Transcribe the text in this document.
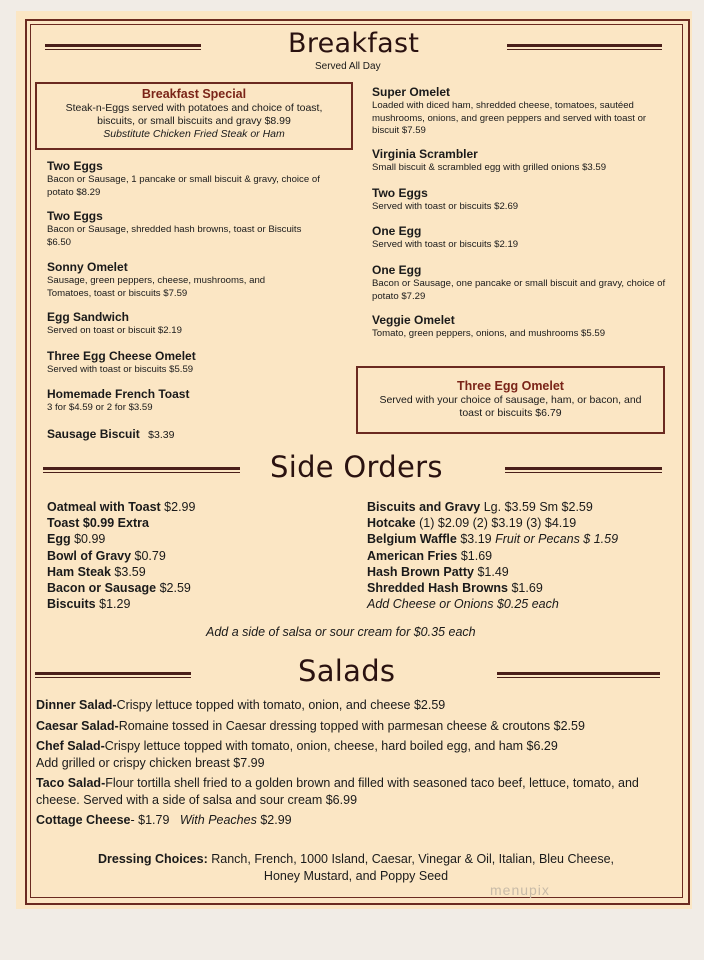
Breakfast
Served All Day
Breakfast Special
Steak-n-Eggs served with potatoes and choice of toast,
biscuits, or small biscuits and gravy $8.99
Substitute Chicken Fried Steak or Ham
Two Eggs
Bacon or Sausage, 1 pancake or small biscuit & gravy, choice of potato $8.29
Two Eggs
Bacon or Sausage, shredded hash browns, toast or Biscuits $6.50
Sonny Omelet
Sausage, green peppers, cheese, mushrooms, and Tomatoes, toast or biscuits $7.59
Egg Sandwich
Served on toast or biscuit $2.19
Three Egg Cheese Omelet
Served with toast or biscuits $5.59
Homemade French Toast
3 for $4.59 or 2 for $3.59
Sausage Biscuit $3.39
Super Omelet
Loaded with diced ham, shredded cheese, tomatoes, sautéed mushrooms, onions, and green peppers and served with toast or biscuit $7.59
Virginia Scrambler
Small biscuit & scrambled egg with grilled onions $3.59
Two Eggs
Served with toast or biscuits $2.69
One Egg
Served with toast or biscuits $2.19
One Egg
Bacon or Sausage, one pancake or small biscuit and gravy, choice of potato $7.29
Veggie Omelet
Tomato, green peppers, onions, and mushrooms $5.59
Three Egg Omelet
Served with your choice of sausage, ham, or bacon, and
toast or biscuits $6.79
Side Orders
Oatmeal with Toast $2.99
Toast $0.99 Extra
Egg $0.99
Bowl of Gravy $0.79
Ham Steak $3.59
Bacon or Sausage $2.59
Biscuits $1.29
Biscuits and Gravy Lg. $3.59 Sm $2.59
Hotcake (1) $2.09 (2) $3.19 (3) $4.19
Belgium Waffle $3.19 Fruit or Pecans $ 1.59
American Fries $1.69
Hash Brown Patty $1.49
Shredded Hash Browns $1.69
Add Cheese or Onions $0.25 each
Add a side of salsa or sour cream for $0.35 each
Salads
Dinner Salad-Crispy lettuce topped with tomato, onion, and cheese $2.59
Caesar Salad-Romaine tossed in Caesar dressing topped with parmesan cheese & croutons $2.59
Chef Salad-Crispy lettuce topped with tomato, onion, cheese, hard boiled egg, and ham $6.29
Add grilled or crispy chicken breast $7.99
Taco Salad-Flour tortilla shell fried to a golden brown and filled with seasoned taco beef, lettuce, tomato, and cheese. Served with a side of salsa and sour cream $6.99
Cottage Cheese- $1.79 With Peaches $2.99
Dressing Choices: Ranch, French, 1000 Island, Caesar, Vinegar & Oil, Italian, Bleu Cheese,
Honey Mustard, and Poppy Seed
menupix
